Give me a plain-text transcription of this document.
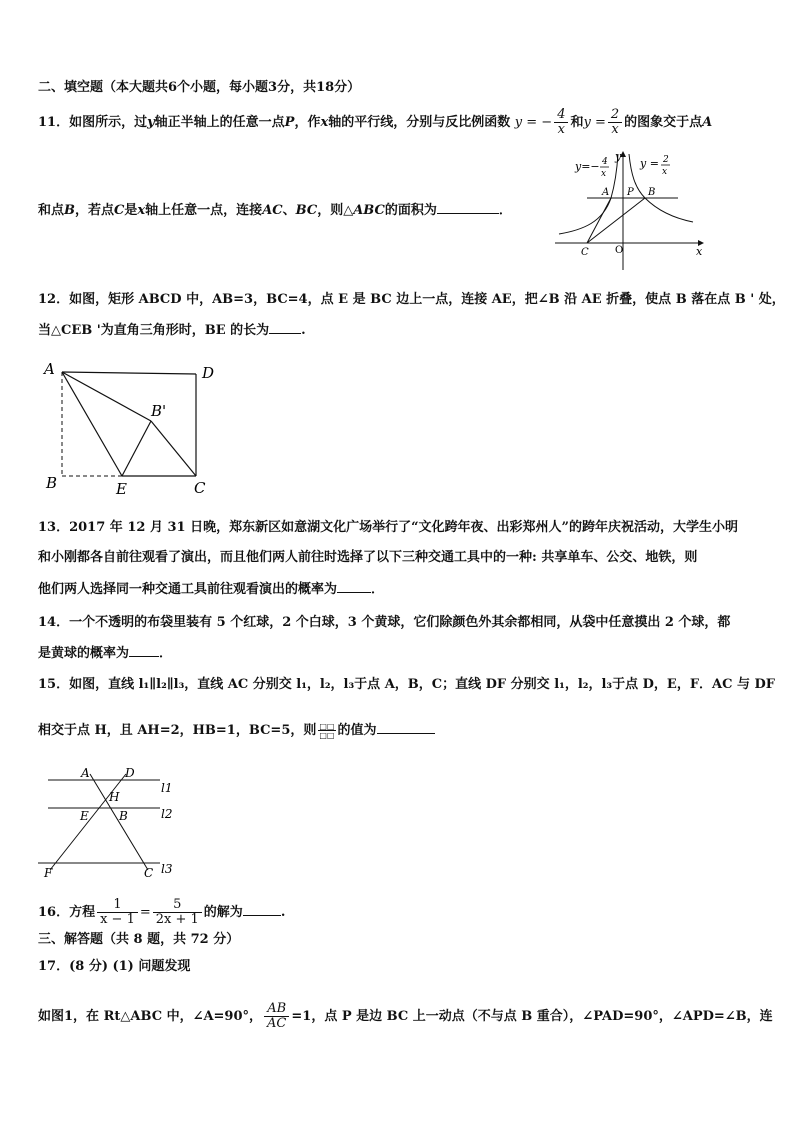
二、填空题（本大题共6个小题，每小题3分，共18分）
11．如图所示，过y轴正半轴上的任意一点P，作x轴的平行线，分别与反比例函数 y = − $\frac{4}{x}$ 和$y = \frac{2}{x}$ 的图象交于点A
和点B，若点C是x轴上任意一点，连接AC、BC，则△ABC的面积为	．
y=− 4
x
y = 2
x
y
x
A P B
C	O
12．如图，矩形 ABCD 中，AB=3，BC=4，点 E 是 BC 边上一点，连接 AE，把∠B 沿 AE 折叠，使点 B 落在点 B ' 处，
当△CEB '为直角三角形时，BE 的长为 .
A	D
B'
B	E	C
13．2017 年 12 月 31 日晚，郑东新区如意湖文化广场举行了“文化跨年夜、出彩郑州人”的跨年庆祝活动，大学生小明
和小刚都各自前往观看了演出，而且他们两人前往时选择了以下三种交通工具中的一种: 共享单车、公交、地铁，则
他们两人选择同一种交通工具前往观看演出的概率为	．
14．一个不透明的布袋里装有 5 个红球，2 个白球，3 个黄球，它们除颜色外其余都相同，从袋中任意摸出 2 个球，都
是黄球的概率为 ．
15．如图，直线 l₁∥l₂∥l₃，直线 AC 分别交 l₁，l₂，l₃于点 A，B，C；直线 DF 分别交 l₁，l₂，l₃于点 D，E，F．AC 与 DF
相交于点 H，且 AH=2，HB=1，BC=5，则 $\frac{□□}{□□}$ 的值为
A	D
H
E	B
F	C
l1
l2
l3
16．方程 $\frac{1}{x - 1} = \frac{5}{2x + 1}$ 的解为	.
三、解答题（共 8 题，共 72 分）
17．(8 分) (1) 问题发现
如图1，在 Rt△ABC 中，∠A=90°， $\frac{AB}{AC} =1$，点 P 是边 BC 上一动点（不与点 B 重合），∠PAD=90°，∠APD=∠B，连
